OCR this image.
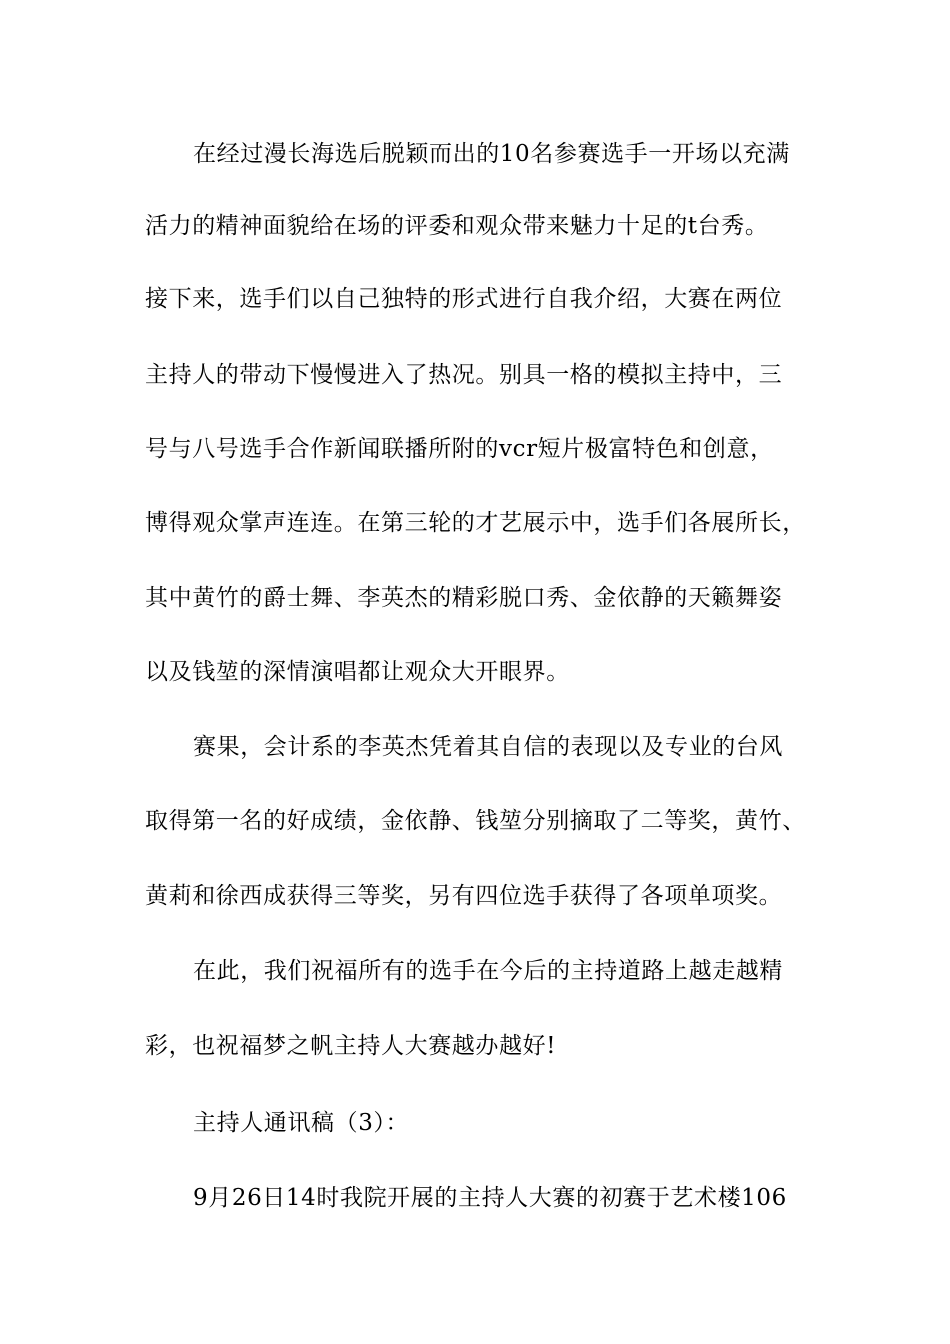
在经过漫长海选后脱颖而出的10名参赛选手一开场以充满
活力的精神面貌给在场的评委和观众带来魅力十足的t台秀。
接下来，选手们以自己独特的形式进行自我介绍，大赛在两位
主持人的带动下慢慢进入了热况。别具一格的模拟主持中，三
号与八号选手合作新闻联播所附的vcr短片极富特色和创意，
博得观众掌声连连。在第三轮的才艺展示中，选手们各展所长，
其中黄竹的爵士舞、李英杰的精彩脱口秀、金依静的天籁舞姿
以及钱堃的深情演唱都让观众大开眼界。
赛果，会计系的李英杰凭着其自信的表现以及专业的台风
取得第一名的好成绩，金依静、钱堃分别摘取了二等奖，黄竹、
黄莉和徐西成获得三等奖，另有四位选手获得了各项单项奖。
在此，我们祝福所有的选手在今后的主持道路上越走越精
彩，也祝福梦之帆主持人大赛越办越好!
主持人通讯稿（3）：
9月26日14时我院开展的主持人大赛的初赛于艺术楼106
